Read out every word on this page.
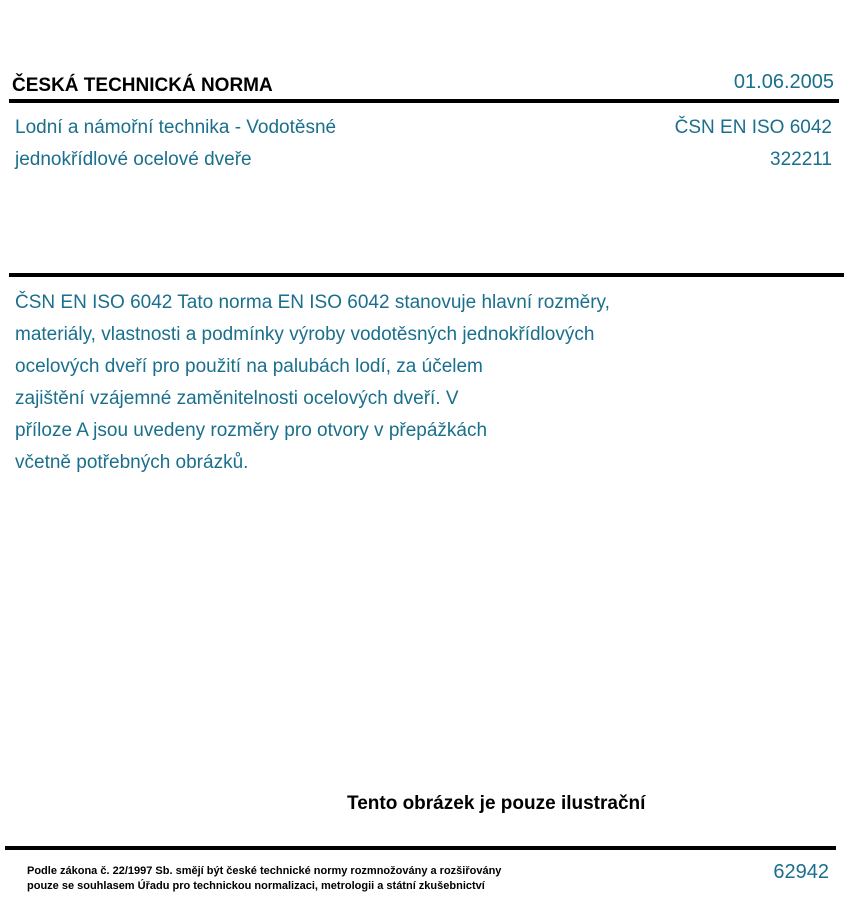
ČESKÁ TECHNICKÁ NORMA	01.06.2005
Lodní a námořní technika - Vodotěsné
jednokřídlové ocelové dveře
ČSN EN ISO 6042
322211
ČSN EN ISO 6042 Tato norma EN ISO 6042 stanovuje hlavní rozměry,
materiály, vlastnosti a podmínky výroby vodotěsných jednokřídlových
ocelových dveří pro použití na palubách lodí, za účelem
zajištění vzájemné zaměnitelnosti ocelových dveří. V
příloze A jsou uvedeny rozměry pro otvory v přepážkách
včetně potřebných obrázků.
Tento obrázek je pouze ilustrační
Podle zákona č. 22/1997 Sb. smějí být české technické normy rozmnožovány a rozšiřovány
pouze se souhlasem Úřadu pro technickou normalizaci, metrologii a státní zkušebnictví
62942
